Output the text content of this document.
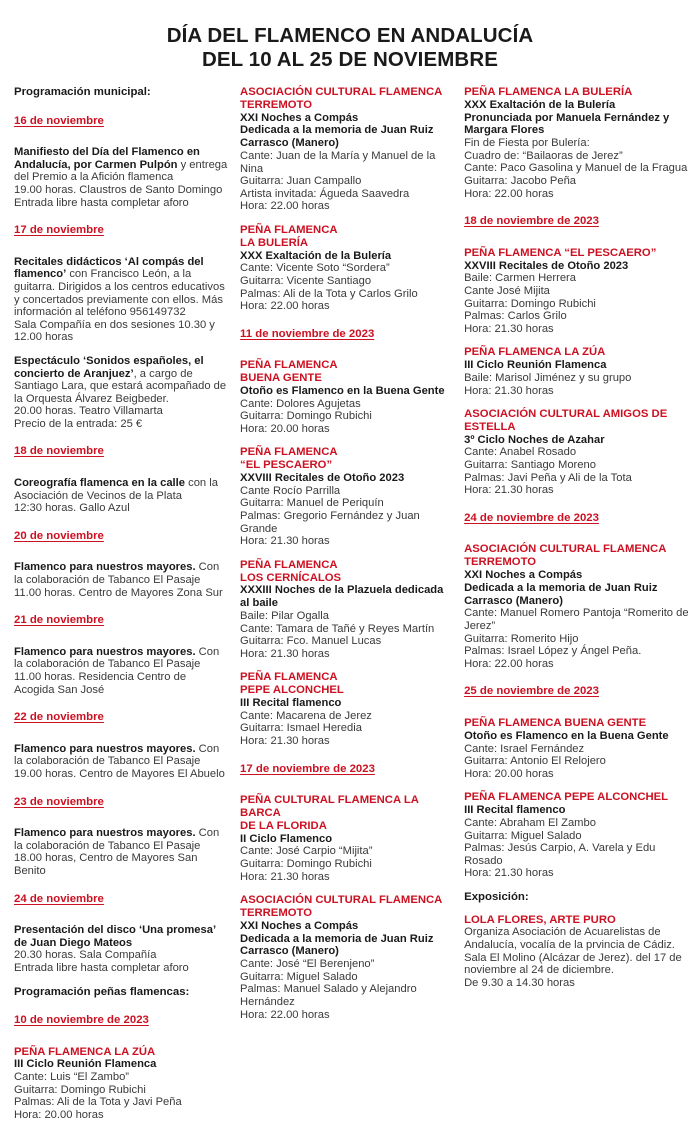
DÍA DEL FLAMENCO EN ANDALUCÍA
DEL 10 AL 25 DE NOVIEMBRE
Programación municipal:
16 de noviembre

Manifiesto del Día del Flamenco en Andalucía, por Carmen Pulpón y entrega del Premio a la Afición flamenca

19.00 horas. Claustros de Santo Domingo

Entrada libre hasta completar aforo

17 de noviembre

Recitales didácticos ‘Al compás del flamenco’ con Francisco León, a la guitarra. Dirigidos a los centros educativos y concertados previamente con ellos. Más información al teléfono 956149732

Sala Compañía en dos sesiones 10.30 y 12.00 horas

Espectáculo ‘Sonidos españoles, el concierto de Aranjuez’, a cargo de Santiago Lara, que estará acompañado de la Orquesta Álvarez Beigbeder.

20.00 horas. Teatro Villamarta

Precio de la entrada: 25 €

18 de noviembre

Coreografía flamenca en la calle con la Asociación de Vecinos de la Plata

12:30 horas. Gallo Azul

20 de noviembre

Flamenco para nuestros mayores. Con la colaboración de Tabanco El Pasaje

11.00 horas. Centro de Mayores Zona Sur

21 de noviembre

Flamenco para nuestros mayores. Con la colaboración de Tabanco El Pasaje

11.00 horas. Residencia Centro de Acogida San José

22 de noviembre

Flamenco para nuestros mayores. Con la colaboración de Tabanco El Pasaje

19.00 horas. Centro de Mayores El Abuelo

23 de noviembre

Flamenco para nuestros mayores. Con la colaboración de Tabanco El Pasaje

18.00 horas, Centro de Mayores San Benito

24 de noviembre

Presentación del disco ‘Una promesa’ de Juan Diego Mateos

20.30 horas. Sala Compañía

Entrada libre hasta completar aforo

Programación peñas flamencas:
10 de noviembre de 2023
PEÑA FLAMENCA LA ZÚA
III Ciclo Reunión Flamenca
Cante: Luis “El Zambo”
Guitarra: Domingo Rubichi
Palmas: Ali de la Tota y Javi Peña
Hora: 20.00 horas
ASOCIACIÓN CULTURAL FLAMENCA
TERREMOTO
XXI Noches a Compás
Dedicada a la memoria de Juan Ruiz Carrasco (Manero)
Cante: Juan de la María y Manuel de la Nina
Guitarra: Juan Campallo
Artista invitada: Águeda Saavedra
Hora: 22.00 horas
PEÑA FLAMENCA
LA BULERÍA
XXX Exaltación de la Bulería
Cante: Vicente Soto “Sordera”
Guitarra: Vicente Santiago
Palmas: Ali de la Tota y Carlos Grilo
Hora: 22.00 horas
11 de noviembre de 2023
PEÑA FLAMENCA
BUENA GENTE
Otoño es Flamenco en la Buena Gente
Cante: Dolores Agujetas
Guitarra: Domingo Rubichi
Hora: 20.00 horas
PEÑA FLAMENCA
“EL PESCAERO”
XXVIII Recitales de Otoño 2023
Cante Rocío Parrilla
Guitarra: Manuel de Periquín
Palmas: Gregorio Fernández y Juan Grande
Hora: 21.30 horas
PEÑA FLAMENCA
LOS CERNÍCALOS
XXXIII Noches de la Plazuela dedicada al baile
Baile: Pilar Ogalla
Cante: Tamara de Tañé y Reyes Martín
Guitarra: Fco. Manuel Lucas
Hora: 21.30 horas
PEÑA FLAMENCA
PEPE ALCONCHEL
III Recital flamenco
Cante: Macarena de Jerez
Guitarra: Ismael Heredia
Hora: 21.30 horas
17 de noviembre de 2023
PEÑA CULTURAL FLAMENCA LA BARCA
DE LA FLORIDA
II Ciclo Flamenco
Cante: José Carpio “Mijita”
Guitarra: Domingo Rubichi
Hora: 21.30 horas
ASOCIACIÓN CULTURAL FLAMENCA
TERREMOTO
XXI Noches a Compás
Dedicada a la memoria de Juan Ruiz Carrasco (Manero)
Cante: José “El Berenjeno”
Guitarra: Miguel Salado
Palmas: Manuel Salado y Alejandro Hernández
Hora: 22.00 horas
PEÑA FLAMENCA LA BULERÍA
XXX Exaltación de la Bulería
Pronunciada por Manuela Fernández y Margara Flores
Fin de Fiesta por Bulería:
Cuadro de: “Bailaoras de Jerez”
Cante: Paco Gasolina y Manuel de la Fragua
Guitarra: Jacobo Peña
Hora: 22.00 horas
18 de noviembre de 2023
PEÑA FLAMENCA “EL PESCAERO”
XXVIII Recitales de Otoño 2023
Baile: Carmen Herrera
Cante José Mijita
Guitarra: Domingo Rubichi
Palmas: Carlos Grilo
Hora: 21.30 horas
PEÑA FLAMENCA LA ZÚA
III Ciclo Reunión Flamenca
Baile: Marisol Jiménez y su grupo
Hora: 21.30 horas
ASOCIACIÓN CULTURAL AMIGOS DE
ESTELLA
3º Ciclo Noches de Azahar
Cante: Anabel Rosado
Guitarra: Santiago Moreno
Palmas: Javi Peña y Ali de la Tota
Hora: 21.30 horas
24 de noviembre de 2023
ASOCIACIÓN CULTURAL FLAMENCA
TERREMOTO
XXI Noches a Compás
Dedicada a la memoria de Juan Ruiz Carrasco (Manero)
Cante: Manuel Romero Pantoja “Romerito de Jerez”
Guitarra: Romerito Hijo
Palmas: Israel López y Ángel Peña.
Hora: 22.00 horas
25 de noviembre de 2023
PEÑA FLAMENCA BUENA GENTE
Otoño es Flamenco en la Buena Gente
Cante: Israel Fernández
Guitarra: Antonio El Relojero
Hora: 20.00 horas
PEÑA FLAMENCA PEPE ALCONCHEL
III Recital flamenco
Cante: Abraham El Zambo
Guitarra: Miguel Salado
Palmas: Jesús Carpio, A. Varela y Edu Rosado
Hora: 21.30 horas
Exposición:
LOLA FLORES, ARTE PURO
Organiza Asociación de Acuarelistas de
Andalucía, vocalía de la prvincia de Cádiz.
Sala El Molino (Alcázar de Jerez). del 17 de
noviembre al 24 de diciembre.
De 9.30 a 14.30 horas
